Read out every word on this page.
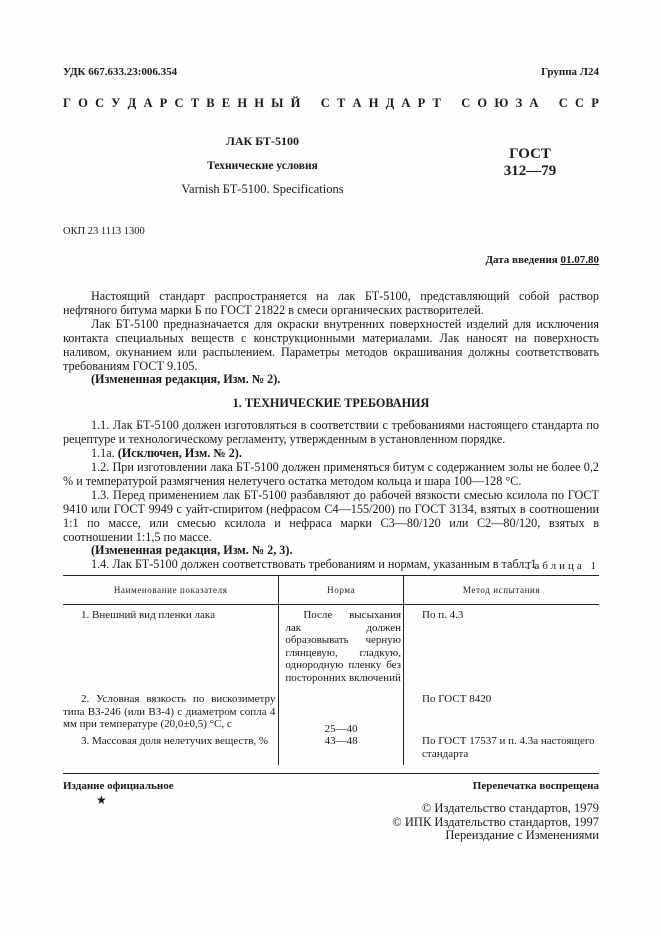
УДК 667.633.23:006.354	Группа Л24
Г О С У Д А Р С Т В Е Н Н Ы Й
С Т А Н Д А Р Т
С О Ю З А
С С Р
ЛАК БТ-5100
Технические условия
Varnish БТ-5100. Specifications
ГОСТ
312—79
ОКП 23 1113 1300
Дата введения 01.07.80

Настоящий стандарт распространяется на лак БТ-5100, представляющий собой раствор нефтяного битума марки Б по ГОСТ 21822 в смеси органических растворителей.

Лак БТ-5100 предназначается для окраски внутренних поверхностей изделий для исключения контакта специальных веществ с конструкционными материалами. Лак наносят на поверхность наливом, окунанием или распылением. Параметры методов окрашивания должны соответствовать требованиям ГОСТ 9.105.

(Измененная редакция, Изм. № 2).

1. ТЕХНИЧЕСКИЕ ТРЕБОВАНИЯ

1.1. Лак БТ-5100 должен изготовляться в соответствии с требованиями настоящего стандарта по рецептуре и технологическому регламенту, утвержденным в установленном порядке.

1.1а. (Исключен, Изм. № 2).

1.2. При изготовлении лака БТ-5100 должен применяться битум с содержанием золы не более 0,2 % и температурой размягчения нелетучего остатка методом кольца и шара 100—128 °С.

1.3. Перед применением лак БТ-5100 разбавляют до рабочей вязкости смесью ксилола по ГОСТ 9410 или ГОСТ 9949 с уайт-спиритом (нефрасом С4—155/200) по ГОСТ 3134, взятых в соотношении 1:1 по массе, или смесью ксилола и нефраса марки С3—80/120 или С2—80/120, взятых в соотношении 1:1,5 по массе.

(Измененная редакция, Изм. № 2, 3).

1.4. Лак БТ-5100 должен соответствовать требованиям и нормам, указанным в табл. 1.

Таблица 1
Наименование показателя	Норма	Метод испытания

1. Внешний вид пленки лака	После высыхания лак должен образовывать черную глянцевую, гладкую, однородную пленку без посторонних включений	По п. 4.3

2. Условная вязкость по вискозиметру типа ВЗ-246 (или ВЗ-4) с диаметром сопла 4 мм при температуре (20,0±0,5) °С, с	25—40	По ГОСТ 8420

3. Массовая доля нелетучих веществ, %	43—48	По ГОСТ 17537 и п. 4.3а настоящего стандарта
Издание официальное
★
Перепечатка воспрещена
© Издательство стандартов, 1979
© ИПК Издательство стандартов, 1997
Переиздание с Изменениями
